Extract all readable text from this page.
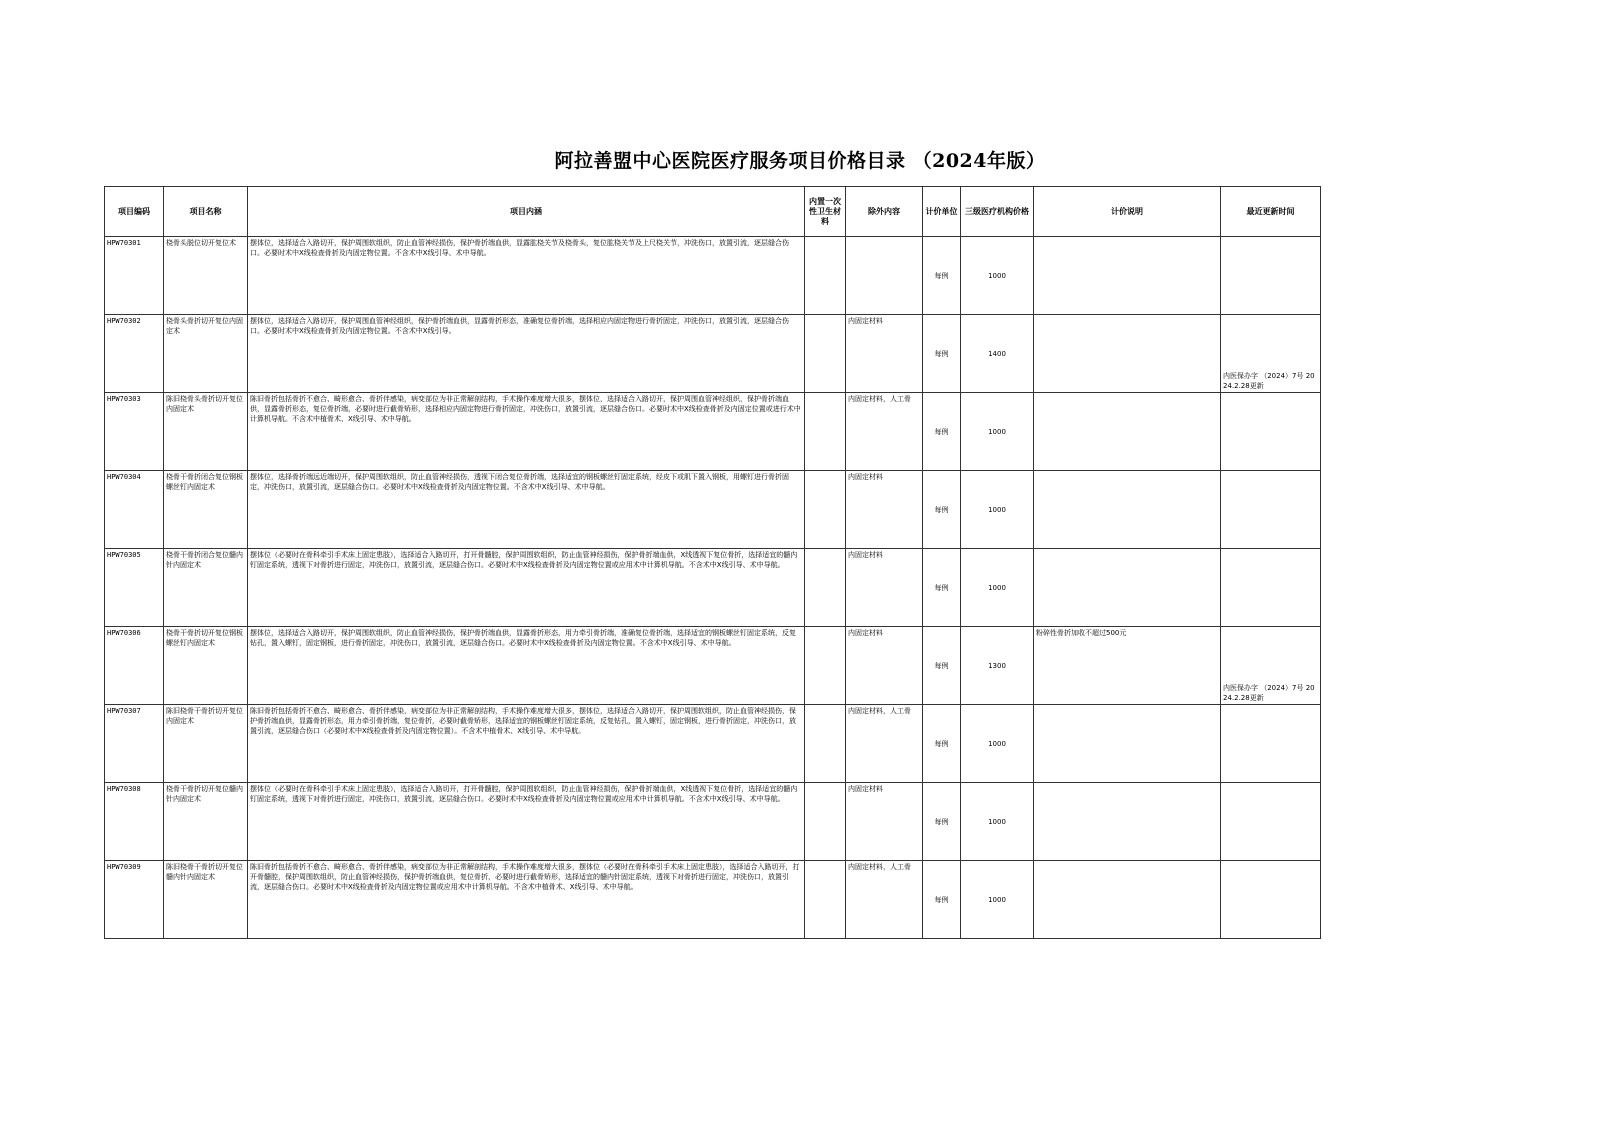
阿拉善盟中心医院医疗服务项目价格目录 （2024年版）
项目编码	项目名称	项目内涵	内置一次性卫生材料	除外内容	计价单位	三级医疗机构价格	计价说明	最近更新时间
HPW70301	桡骨头脱位切开复位术	摆体位，选择适合入路切开，保护周围软组织，防止血管神经损伤，保护骨折端血供，显露肱桡关节及桡骨头，复位肱桡关节及上尺桡关节，冲洗伤口，放置引流，逐层缝合伤口。必要时术中X线检查骨折及内固定物位置。不含术中X线引导、术中导航。			每例	1000		
HPW70302	桡骨头骨折切开复位内固定术	摆体位，选择适合入路切开，保护周围血管神经组织，保护骨折端血供，显露骨折形态，准确复位骨折端，选择相应内固定物进行骨折固定，冲洗伤口，放置引流，逐层缝合伤口。必要时术中X线检查骨折及内固定物位置。不含术中X线引导。		内固定材料	每例	1400		内医保办字 （2024）7号 2024.2.28更新
HPW70303	陈旧桡骨头骨折切开复位内固定术	陈旧骨折包括骨折不愈合、畸形愈合、骨折伴感染，病变部位为非正常解剖结构，手术操作难度增大很多，摆体位，选择适合入路切开，保护周围血管神经组织，保护骨折端血供，显露骨折形态，复位骨折端，必要时进行截骨矫形，选择相应内固定物进行骨折固定，冲洗伤口，放置引流，逐层缝合伤口。必要时术中X线检查骨折及内固定位置或进行术中计算机导航。不含术中植骨术、X线引导、术中导航。		内固定材料，人工骨	每例	1000		
HPW70304	桡骨干骨折闭合复位钢板螺丝钉内固定术	摆体位，选择骨折端远近端切开，保护周围软组织，防止血管神经损伤，透视下闭合复位骨折端，选择适宜的钢板螺丝钉固定系统，经皮下或肌下置入钢板，用螺钉进行骨折固定，冲洗伤口，放置引流，逐层缝合伤口。必要时术中X线检查骨折及内固定物位置。不含术中X线引导、术中导航。		内固定材料	每例	1000		
HPW70305	桡骨干骨折闭合复位髓内针内固定术	摆体位（必要时在骨科牵引手术床上固定患肢），选择适合入路切开，打开骨髓腔，保护周围软组织，防止血管神经损伤，保护骨折端血供，X线透视下复位骨折，选择适宜的髓内钉固定系统，透视下对骨折进行固定，冲洗伤口，放置引流，逐层缝合伤口。必要时术中X线检查骨折及内固定物位置或应用术中计算机导航。不含术中X线引导、术中导航。		内固定材料	每例	1000		
HPW70306	桡骨干骨折切开复位钢板螺丝钉内固定术	摆体位，选择适合入路切开，保护周围软组织，防止血管神经损伤，保护骨折端血供，显露骨折形态，用力牵引骨折端，准确复位骨折端，选择适宜的钢板螺丝钉固定系统，反复钻孔，置入螺钉，固定钢板，进行骨折固定，冲洗伤口，放置引流，逐层缝合伤口。必要时术中X线检查骨折及内固定物位置。不含术中X线引导、术中导航。		内固定材料	每例	1300	粉碎性骨折加收不超过500元	内医保办字 （2024）7号 2024.2.28更新
HPW70307	陈旧桡骨干骨折切开复位内固定术	陈旧骨折包括骨折不愈合、畸形愈合、骨折伴感染，病变部位为非正常解剖结构，手术操作难度增大很多，摆体位，选择适合入路切开，保护周围软组织，防止血管神经损伤，保护骨折端血供，显露骨折形态，用力牵引骨折端，复位骨折，必要时截骨矫形，选择适宜的钢板螺丝钉固定系统，反复钻孔，置入螺钉，固定钢板，进行骨折固定，冲洗伤口，放置引流，逐层缝合伤口（必要时术中X线检查骨折及内固定物位置）。不含术中植骨术、X线引导、术中导航。		内固定材料，人工骨	每例	1000		
HPW70308	桡骨干骨折切开复位髓内针内固定术	摆体位（必要时在骨科牵引手术床上固定患肢），选择适合入路切开，打开骨髓腔，保护周围软组织，防止血管神经损伤，保护骨折端血供，X线透视下复位骨折，选择适宜的髓内钉固定系统，透视下对骨折进行固定，冲洗伤口，放置引流，逐层缝合伤口。必要时术中X线检查骨折及内固定物位置或应用术中计算机导航。不含术中X线引导、术中导航。		内固定材料	每例	1000		
HPW70309	陈旧桡骨干骨折切开复位髓内针内固定术	陈旧骨折包括骨折不愈合、畸形愈合、骨折伴感染，病变部位为非正常解剖结构，手术操作难度增大很多，摆体位（必要时在骨科牵引手术床上固定患肢），选择适合入路切开，打开骨髓腔，保护周围软组织，防止血管神经损伤，保护骨折端血供，复位骨折，必要时进行截骨矫形，选择适宜的髓内针固定系统，透视下对骨折进行固定，冲洗伤口，放置引流，逐层缝合伤口。必要时术中X线检查骨折及内固定物位置或应用术中计算机导航。不含术中植骨术、X线引导、术中导航。		内固定材料，人工骨	每例	1000		
